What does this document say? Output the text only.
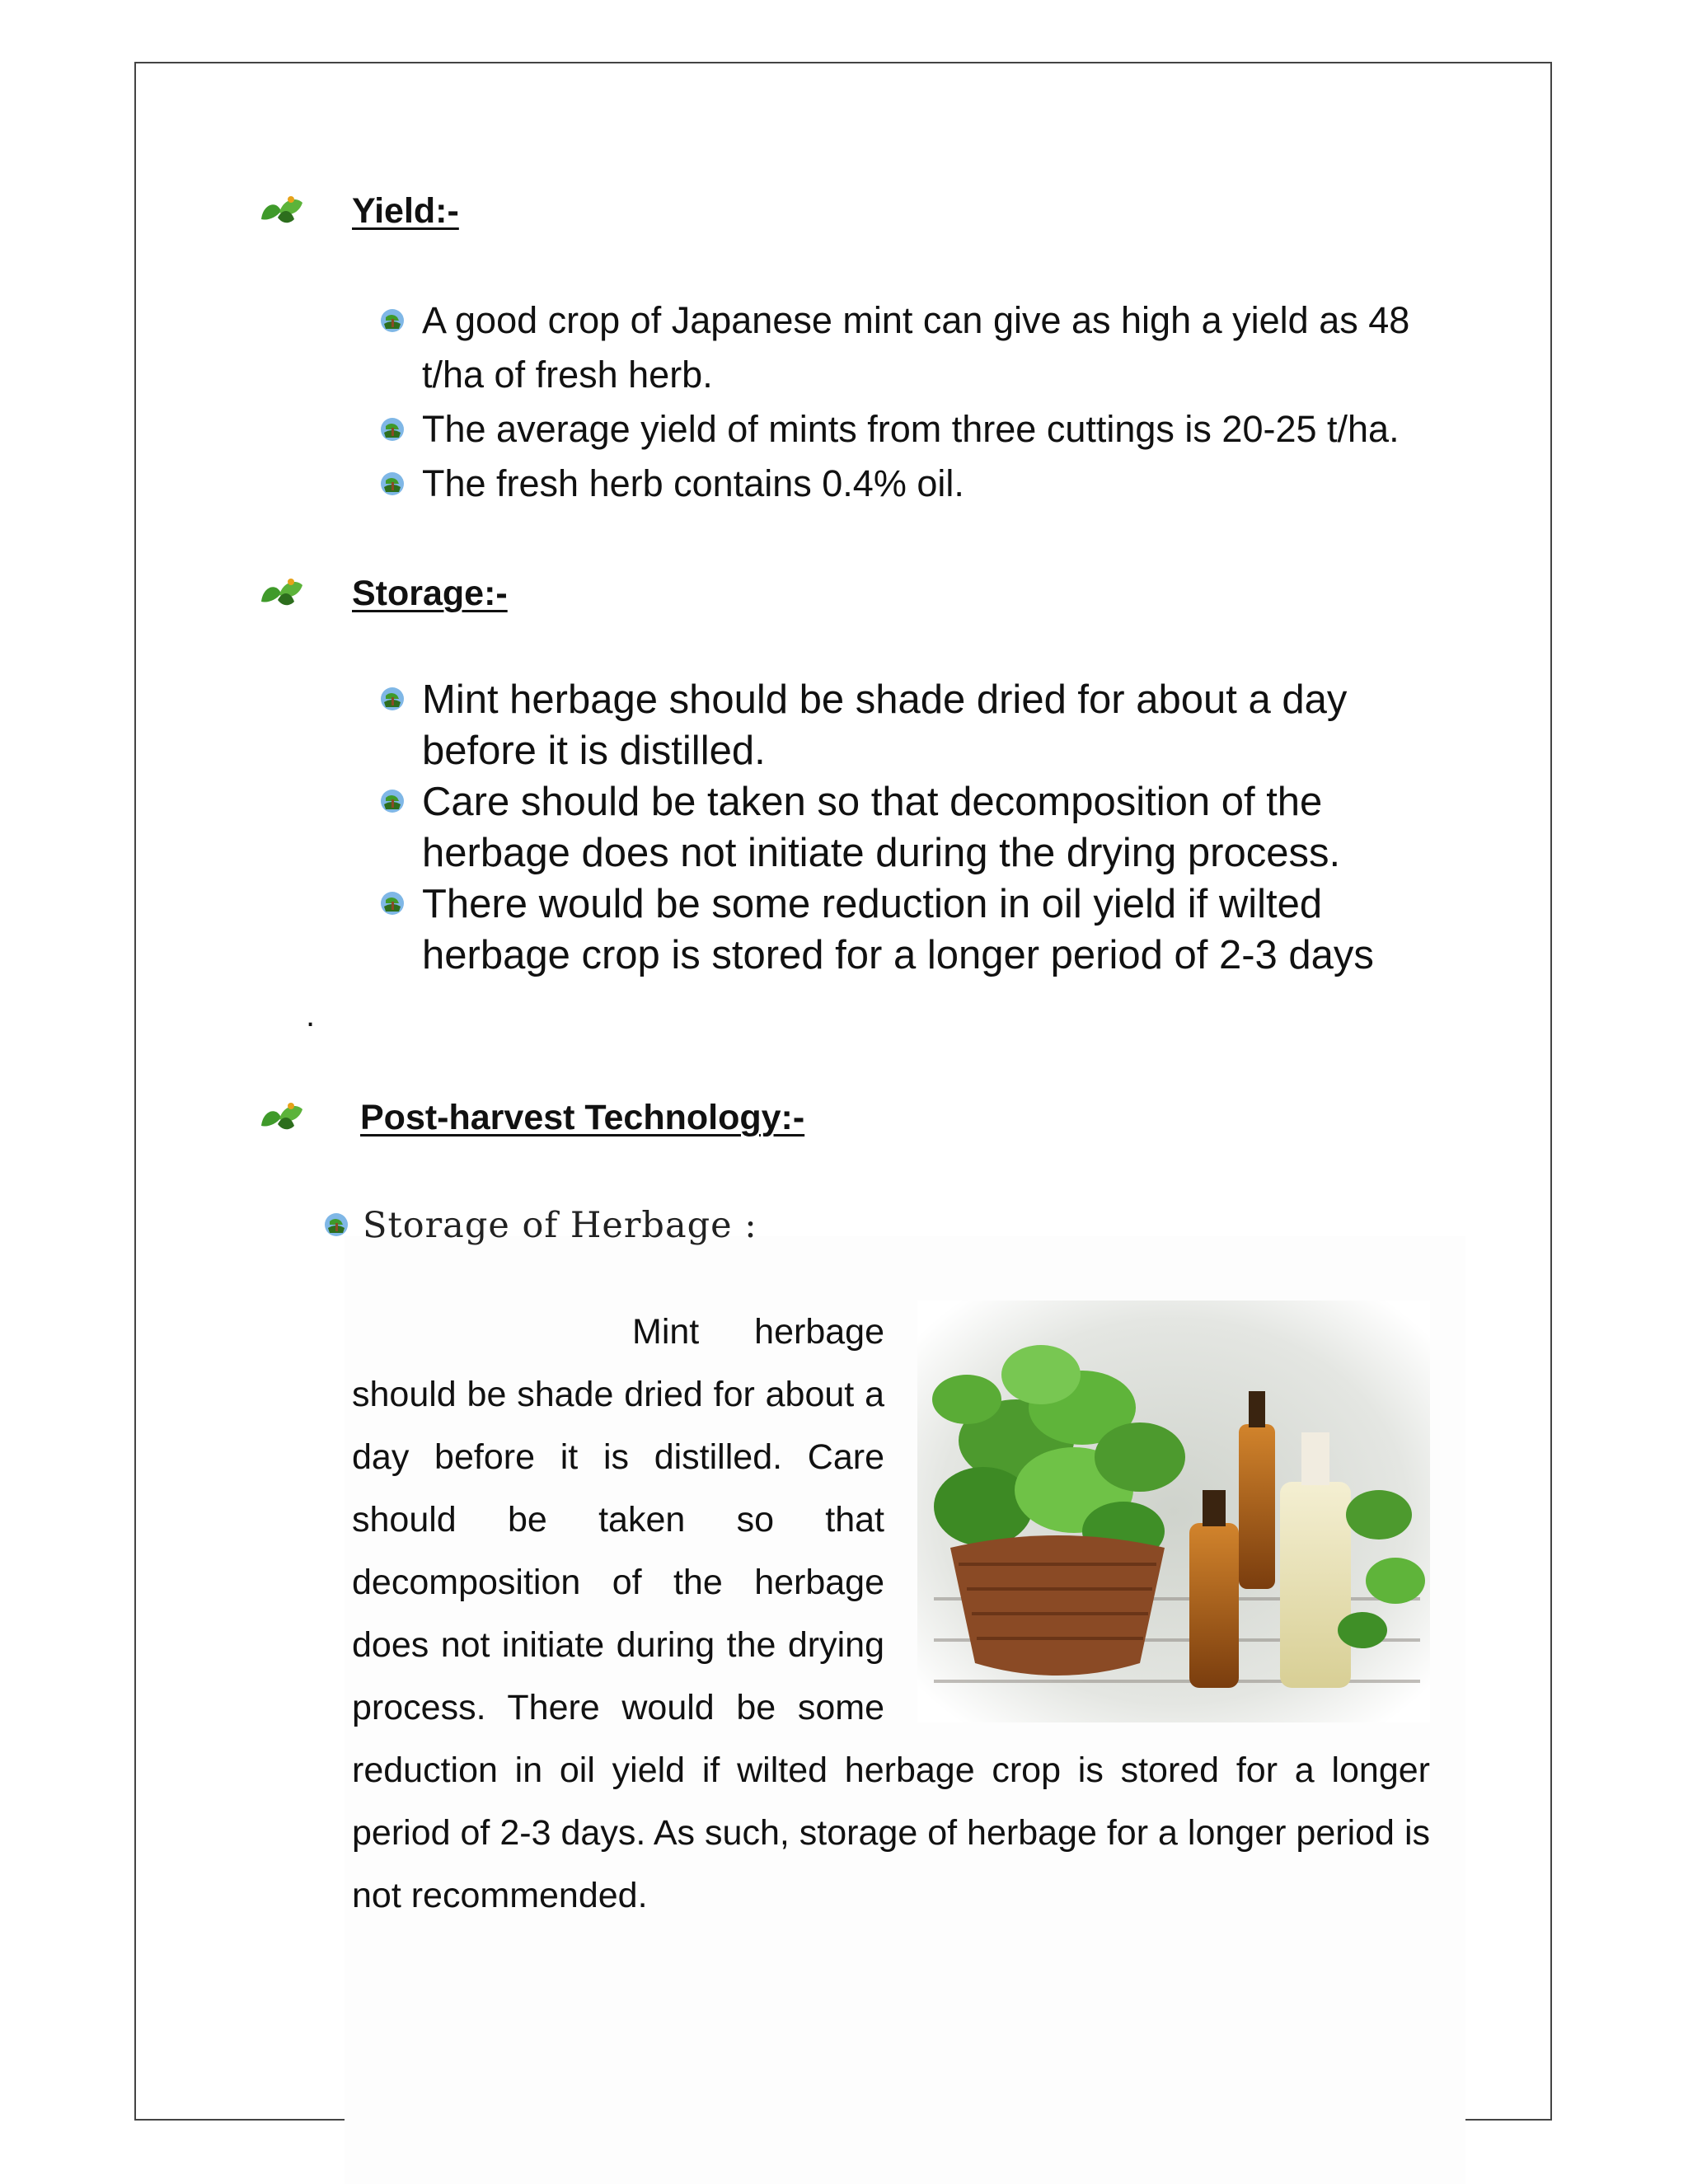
Yield:-
A good crop of Japanese mint can give as high a yield as 48 t/ha of fresh herb.
The average yield of mints from three cuttings is 20-25 t/ha.
The fresh herb contains 0.4% oil.
Storage:-
Mint herbage should be shade dried for about a day before it is distilled.
Care should be taken so that decomposition of the herbage does not initiate during the drying process.
There would be some reduction in oil yield if wilted herbage crop is stored for a longer period of 2-3 days
.
Post-harvest Technology:-
Storage of Herbage :
Mint herbage should be shade dried for about a day before it is distilled. Care should be taken so that decomposition of the herbage does not initiate during the drying process. There would be some reduction in oil yield if wilted herbage crop is stored for a longer period of 2-3 days. As such, storage of herbage for a longer period is not recommended.
